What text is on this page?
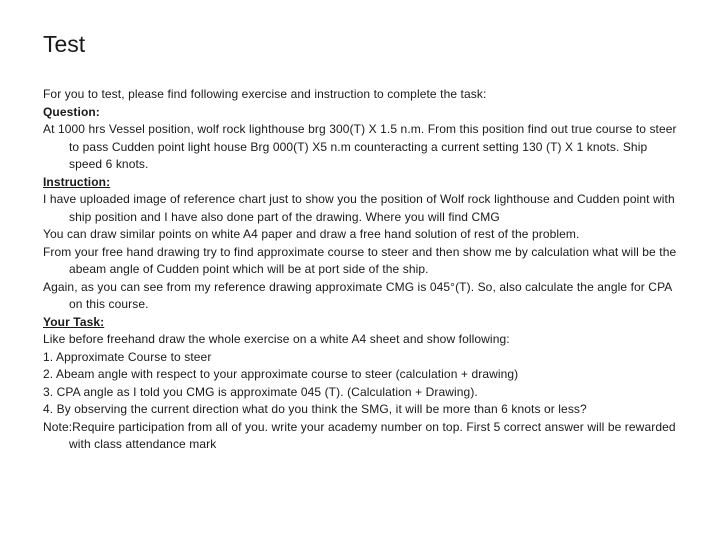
Test
For you to test, please find following exercise and instruction to complete the task:
Question:
At 1000 hrs Vessel position, wolf rock lighthouse brg 300(T) X 1.5 n.m. From this position find out true course to steer to pass Cudden point light house Brg 000(T) X5 n.m counteracting a current setting 130 (T) X 1 knots. Ship speed 6 knots.
Instruction:
I have uploaded image of reference chart just to show you the position of Wolf rock lighthouse and Cudden point with ship position and I have also done part of the drawing. Where you will find CMG
You can draw similar points on white A4 paper and draw a free hand solution of rest of the problem.
From your free hand drawing try to find approximate course to steer and then show me by calculation what will be the abeam angle of Cudden point which will be at port side of the ship.
Again, as you can see from my reference drawing approximate CMG is 045°(T). So, also calculate the angle for CPA on this course.
Your Task:
Like before freehand draw the whole exercise on a white A4 sheet and show following:
1. Approximate Course to steer
2. Abeam angle with respect to your approximate course to steer (calculation + drawing)
3. CPA angle as I told you CMG is approximate 045 (T). (Calculation + Drawing).
4. By observing the current direction what do you think the SMG, it will be more than 6 knots or less?
Note:Require participation from all of you. write your academy number on top. First 5 correct answer will be rewarded with class attendance mark
